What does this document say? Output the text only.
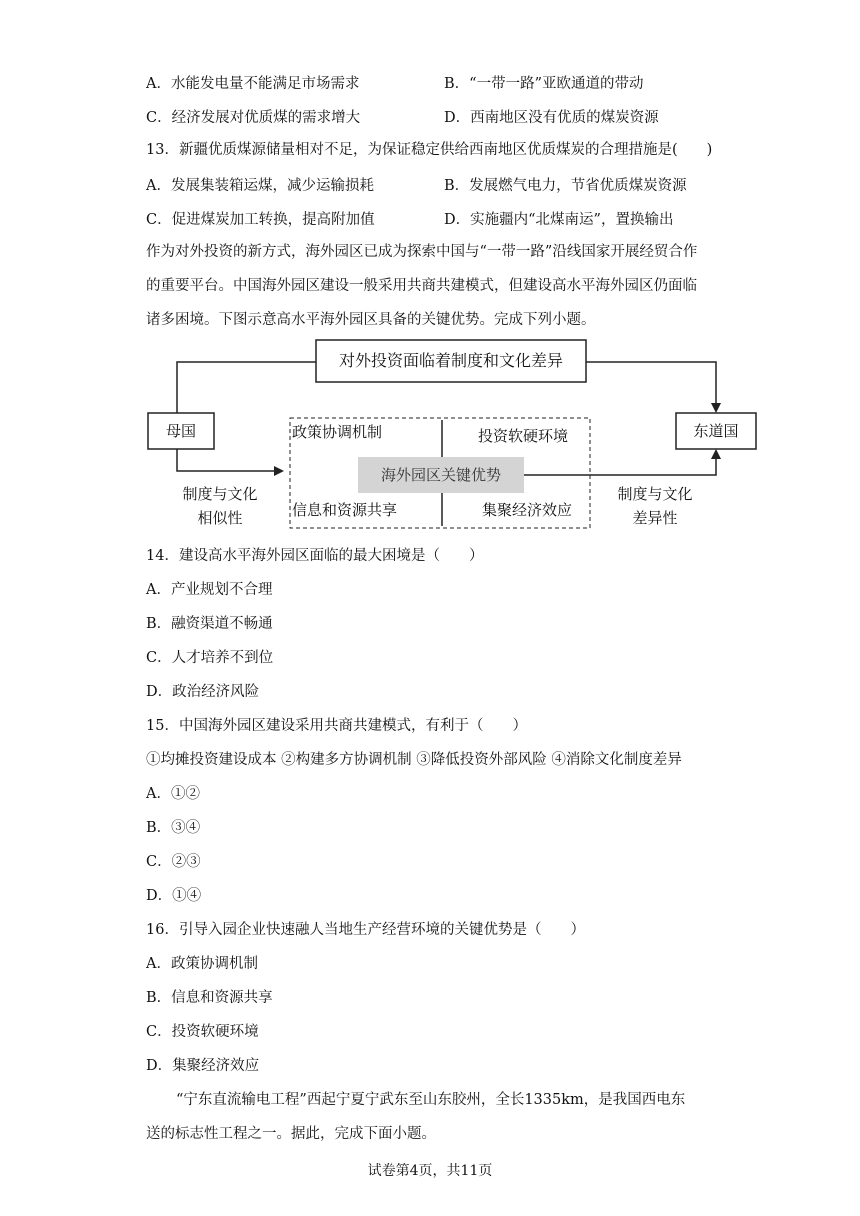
A．水能发电量不能满足市场需求	B．“一带一路”亚欧通道的带动
C．经济发展对优质煤的需求增大	D．西南地区没有优质的煤炭资源
13．新疆优质煤源储量相对不足，为保证稳定供给西南地区优质煤炭的合理措施是(　　)
A．发展集装箱运煤，减少运输损耗	B．发展燃气电力，节省优质煤炭资源
C．促进煤炭加工转换，提高附加值	D．实施疆内“北煤南运”，置换输出
作为对外投资的新方式，海外园区已成为探索中国与“一带一路”沿线国家开展经贸合作
的重要平台。中国海外园区建设一般采用共商共建模式，但建设高水平海外园区仍面临
诸多困境。下图示意高水平海外园区具备的关键优势。完成下列小题。
对外投资面临着制度和文化差异
母国	东道国
政策协调机制	投资软硬环境
海外园区关键优势
信息和资源共享	集聚经济效应
制度与文化
相似性
制度与文化
差异性
14．建设高水平海外园区面临的最大困境是（　　）
A．产业规划不合理
B．融资渠道不畅通
C．人才培养不到位
D．政治经济风险
15．中国海外园区建设采用共商共建模式，有利于（　　）
①均摊投资建设成本 ②构建多方协调机制 ③降低投资外部风险 ④消除文化制度差异
A．①②
B．③④
C．②③
D．①④
16．引导入园企业快速融人当地生产经营环境的关键优势是（　　）
A．政策协调机制
B．信息和资源共享
C．投资软硬环境
D．集聚经济效应
“宁东直流输电工程”西起宁夏宁武东至山东胶州，全长1335km，是我国西电东
送的标志性工程之一。据此，完成下面小题。
试卷第4页，共11页
